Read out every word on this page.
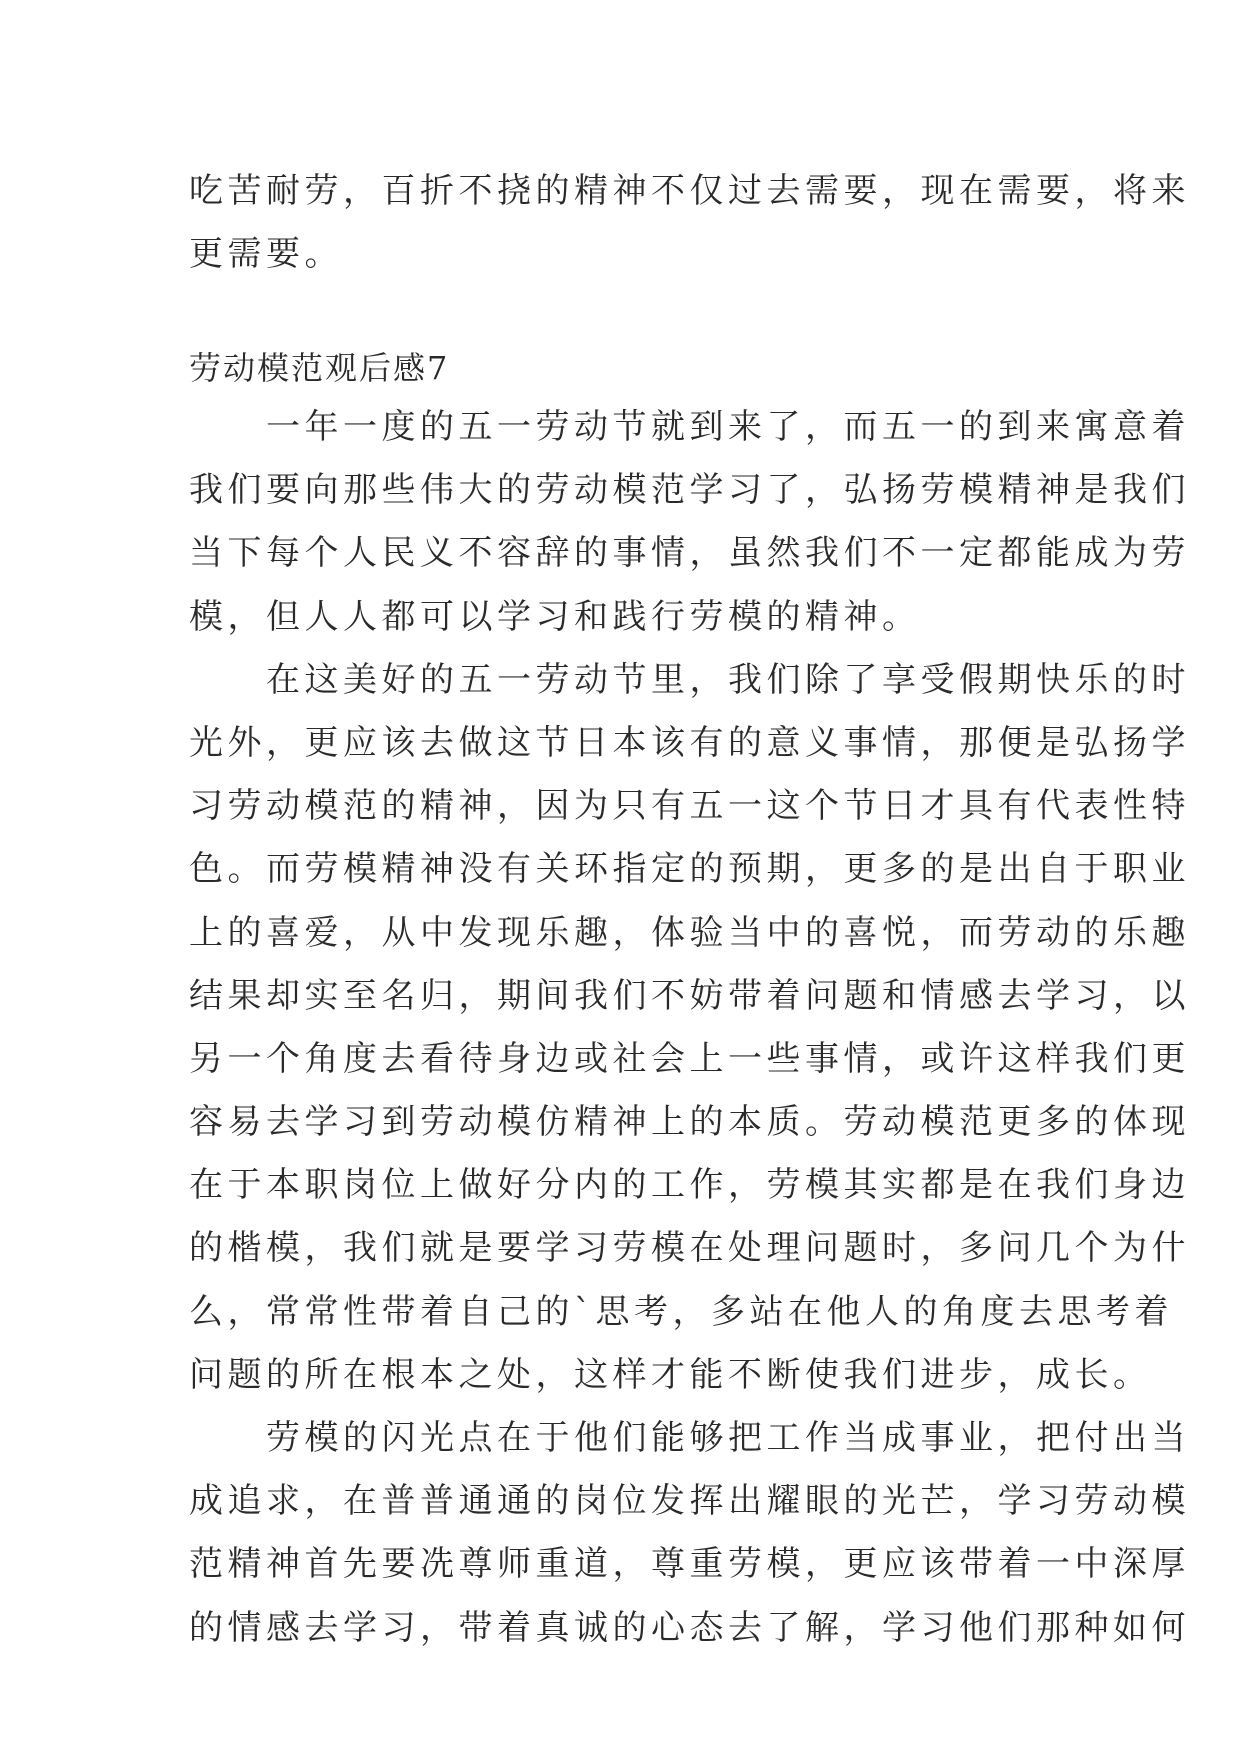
吃苦耐劳，百折不挠的精神不仅过去需要，现在需要，将来
更需要。
劳动模范观后感7
　　一年一度的五一劳动节就到来了，而五一的到来寓意着
我们要向那些伟大的劳动模范学习了，弘扬劳模精神是我们
当下每个人民义不容辞的事情，虽然我们不一定都能成为劳
模，但人人都可以学习和践行劳模的精神。
　　在这美好的五一劳动节里，我们除了享受假期快乐的时
光外，更应该去做这节日本该有的意义事情，那便是弘扬学
习劳动模范的精神，因为只有五一这个节日才具有代表性特
色。而劳模精神没有关环指定的预期，更多的是出自于职业
上的喜爱，从中发现乐趣，体验当中的喜悦，而劳动的乐趣
结果却实至名归，期间我们不妨带着问题和情感去学习，以
另一个角度去看待身边或社会上一些事情，或许这样我们更
容易去学习到劳动模仿精神上的本质。劳动模范更多的体现
在于本职岗位上做好分内的工作，劳模其实都是在我们身边
的楷模，我们就是要学习劳模在处理问题时，多问几个为什
么，常常性带着自己的`思考，多站在他人的角度去思考着
问题的所在根本之处，这样才能不断使我们进步，成长。
　　劳模的闪光点在于他们能够把工作当成事业，把付出当
成追求，在普普通通的岗位发挥出耀眼的光芒，学习劳动模
范精神首先要冼尊师重道，尊重劳模，更应该带着一中深厚
的情感去学习，带着真诚的心态去了解，学习他们那种如何
